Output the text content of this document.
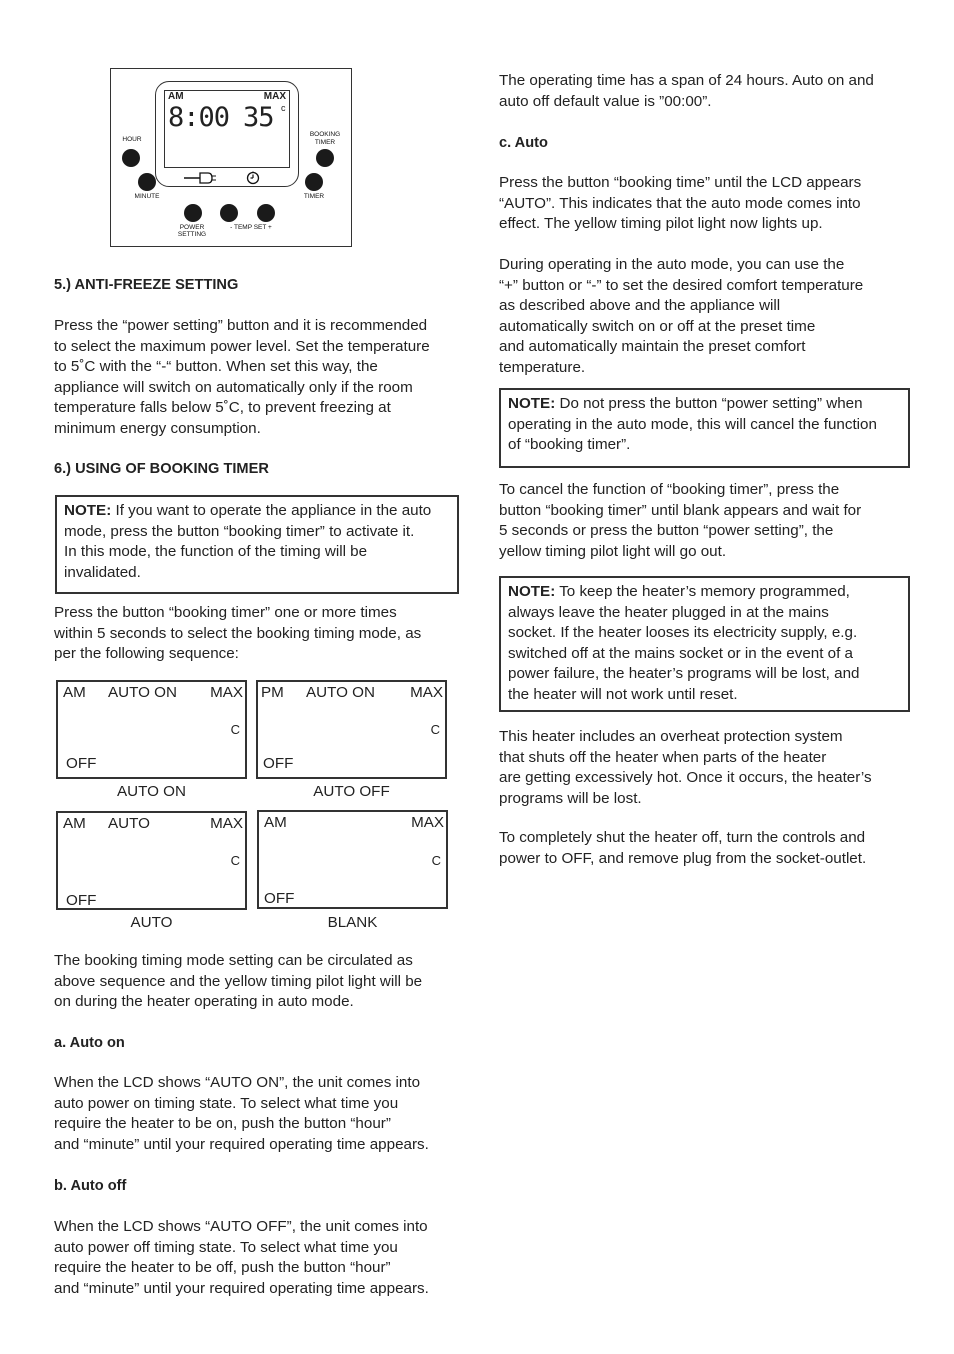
AM	MAX
8:00 35 c
HOUR
MINUTE
BOOKING
TIMER
TIMER
POWER
SETTING
- TEMP SET +

5.) ANTI-FREEZE SETTING

Press the “power setting” button and it is recommended

to select the maximum power level. Set the temperature

to 5˚C with the “-“ button. When set this way, the

appliance will switch on automatically only if the room

temperature falls below 5˚C, to prevent freezing at

minimum energy consumption.

6.) USING OF BOOKING TIMER

NOTE: If you want to operate the appliance in the auto

mode, press the button “booking timer” to activate it.

In this mode, the function of the timing will be

invalidated.

Press the button “booking timer” one or more times

within 5 seconds to select the booking timing mode, as

per the following sequence:

AM AUTO ON MAX
C
OFF
AUTO ON
PM AUTO ON MAX
C
OFF
AUTO OFF
AM AUTO	MAX
C
OFF
AUTO
AM	MAX
C
OFF
BLANK

The booking timing mode setting can be circulated as

above sequence and the yellow timing pilot light will be

on during the heater operating in auto mode.

a. Auto on

When the LCD shows “AUTO ON”, the unit comes into

auto power on timing state. To select what time you

require the heater to be on, push the button “hour”

and “minute” until your required operating time appears.

b. Auto off

When the LCD shows “AUTO OFF”, the unit comes into

auto power off timing state. To select what time you

require the heater to be off, push the button “hour”

and “minute” until your required operating time appears.

The operating time has a span of 24 hours. Auto on and

auto off default value is ”00:00”.

c. Auto

Press the button “booking time” until the LCD appears

“AUTO”. This indicates that the auto mode comes into

effect. The yellow timing pilot light now lights up.

During operating in the auto mode, you can use the

“+” button or “-” to set the desired comfort temperature

as described above and the appliance will

automatically switch on or off at the preset time

and automatically maintain the preset comfort

temperature.

NOTE: Do not press the button “power setting” when

operating in the auto mode, this will cancel the function

of “booking timer”.

To cancel the function of “booking timer”, press the

button “booking timer” until blank appears and wait for

5 seconds or press the button “power setting”, the

yellow timing pilot light will go out.

NOTE: To keep the heater’s memory programmed,

always leave the heater plugged in at the mains

socket. If the heater looses its electricity supply, e.g.

switched off at the mains socket or in the event of a

power failure, the heater’s programs will be lost, and

the heater will not work until reset.

This heater includes an overheat protection system

that shuts off the heater when parts of the heater

are getting excessively hot. Once it occurs, the heater’s

programs will be lost.

To completely shut the heater off, turn the controls and

power to OFF, and remove plug from the socket-outlet.
